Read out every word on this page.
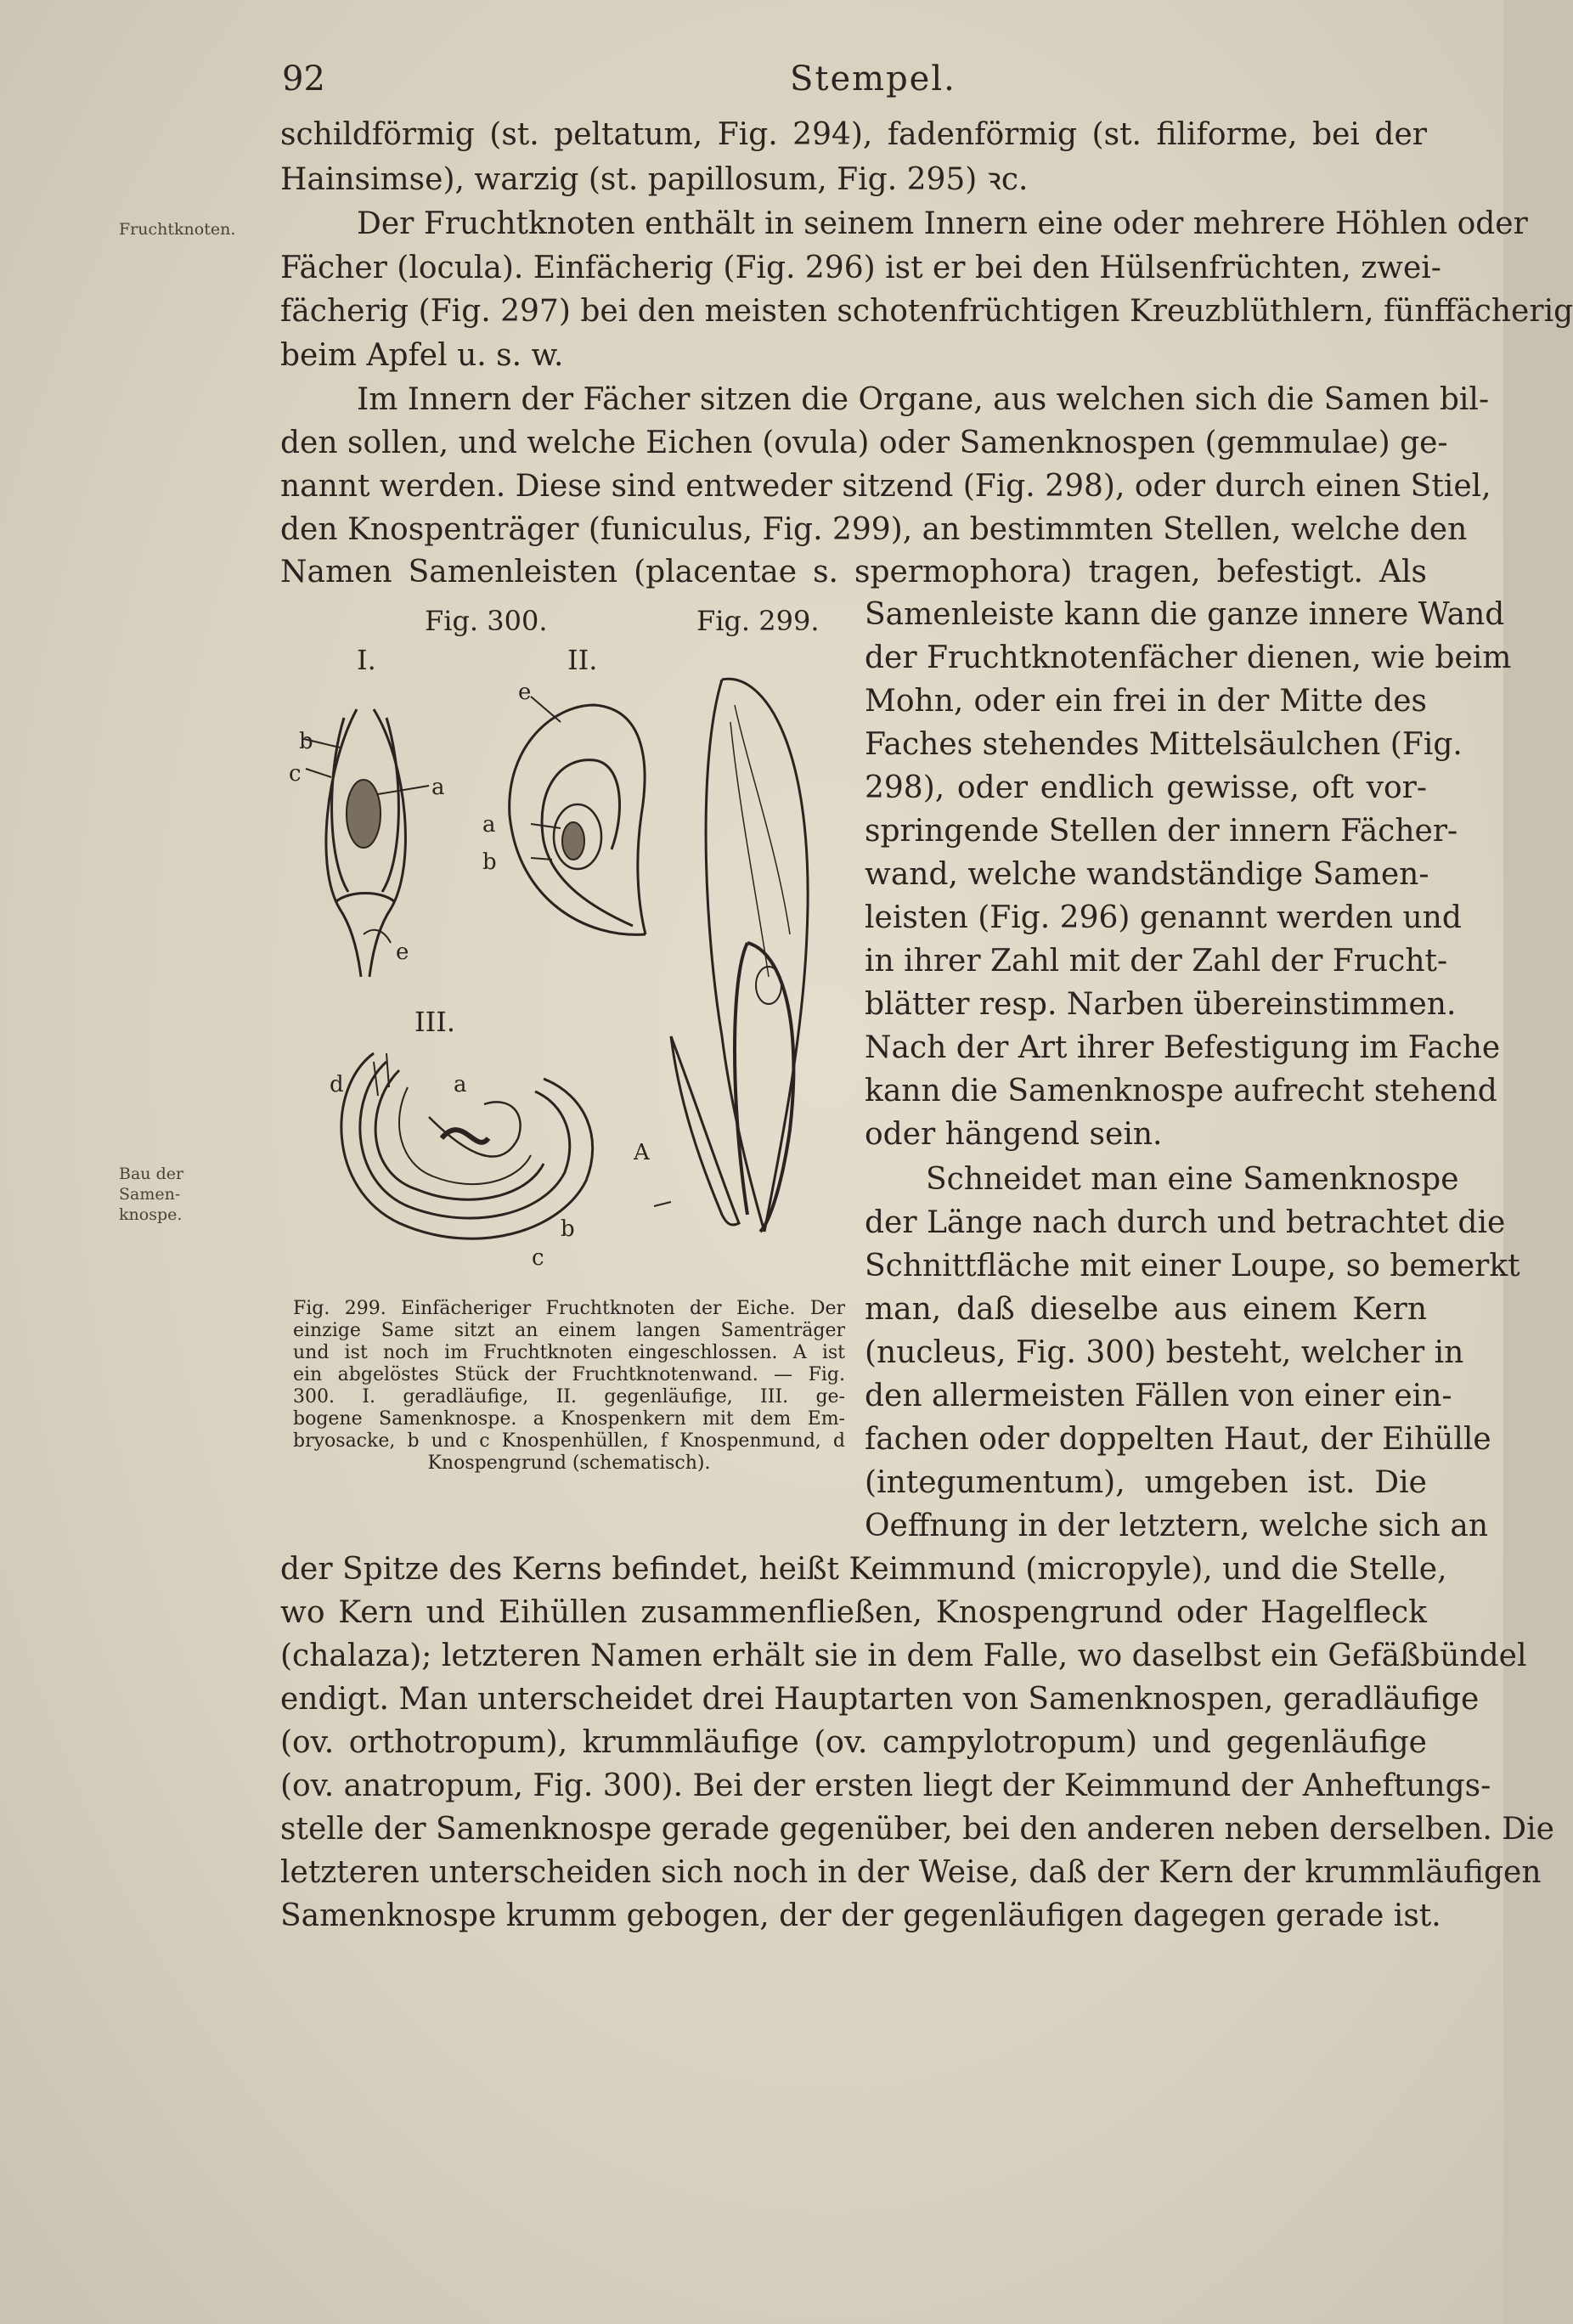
92	Stempel.
Fruchtknoten.
Bau der
Samen-
knospe.
schildförmig (st. peltatum, Fig. 294), fadenförmig (st. filiforme, bei der
Hainsimse), warzig (st. papillosum, Fig. 295) ꝛc.
Der Fruchtknoten enthält in seinem Innern eine oder mehrere Höhlen oder
Fächer (locula). Einfächerig (Fig. 296) ist er bei den Hülsenfrüchten, zwei-
fächerig (Fig. 297) bei den meisten schotenfrüchtigen Kreuzblüthlern, fünffächerig
beim Apfel u. s. w.
Im Innern der Fächer sitzen die Organe, aus welchen sich die Samen bil-
den sollen, und welche Eichen (ovula) oder Samenknospen (gemmulae) ge-
nannt werden. Diese sind entweder sitzend (Fig. 298), oder durch einen Stiel,
den Knospenträger (funiculus, Fig. 299), an bestimmten Stellen, welche den
Namen Samenleisten (placentae s. spermophora) tragen, befestigt. Als
Samenleiste kann die ganze innere Wand
der Fruchtknotenfächer dienen, wie beim
Mohn, oder ein frei in der Mitte des
Faches stehendes Mittelsäulchen (Fig.
298), oder endlich gewisse, oft vor-
springende Stellen der innern Fächer-
wand, welche wandständige Samen-
leisten (Fig. 296) genannt werden und
in ihrer Zahl mit der Zahl der Frucht-
blätter resp. Narben übereinstimmen.
Nach der Art ihrer Befestigung im Fache
kann die Samenknospe aufrecht stehend
oder hängend sein.
Schneidet man eine Samenknospe
der Länge nach durch und betrachtet die
Schnittfläche mit einer Loupe, so bemerkt
man, daß dieselbe aus einem Kern
(nucleus, Fig. 300) besteht, welcher in
den allermeisten Fällen von einer ein-
fachen oder doppelten Haut, der Eihülle
(integumentum), umgeben ist. Die
Oeffnung in der letztern, welche sich an
der Spitze des Kerns befindet, heißt Keimmund (micropyle), und die Stelle,
wo Kern und Eihüllen zusammenfließen, Knospengrund oder Hagelfleck
(chalaza); letzteren Namen erhält sie in dem Falle, wo daselbst ein Gefäßbündel
endigt. Man unterscheidet drei Hauptarten von Samenknospen, geradläufige
(ov. orthotropum), krummläufige (ov. campylotropum) und gegenläufige
(ov. anatropum, Fig. 300). Bei der ersten liegt der Keimmund der Anheftungs-
stelle der Samenknospe gerade gegenüber, bei den anderen neben derselben. Die
letzteren unterscheiden sich noch in der Weise, daß der Kern der krummläufigen
Samenknospe krumm gebogen, der der gegenläufigen dagegen gerade ist.
Fig. 300.	Fig. 299.
I.	II.
III.
a
b
c
e
e
a
b
d	a
b
c
A
Fig. 299. Einfächeriger Fruchtknoten der Eiche. Der
einzige Same sitzt an einem langen Samenträger
und ist noch im Fruchtknoten eingeschlossen. A ist
ein abgelöstes Stück der Fruchtknotenwand. — Fig.
300. I. geradläufige, II. gegenläufige, III. ge-
bogene Samenknospe. a Knospenkern mit dem Em-
bryosacke, b und c Knospenhüllen, f Knospenmund, d
Knospengrund (schematisch).
